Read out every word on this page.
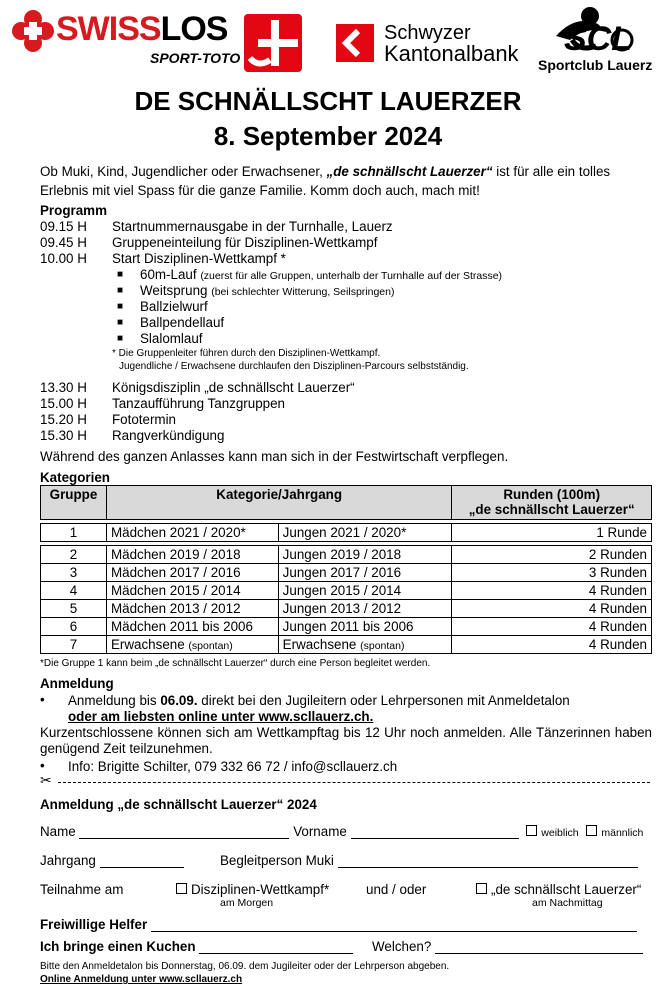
SWISSLOS
SPORT-TOTO
Schwyzer
Kantonalbank SCL
Sportclub Lauerz
DE SCHNÄLLSCHT LAUERZER
8. September 2024
Ob Muki, Kind, Jugendlicher oder Erwachsener, „de schnällscht Lauerzer“ ist für alle ein tolles Erlebnis mit viel Spass für die ganze Familie. Komm doch auch, mach mit!
Programm
09.15 H Startnummernausgabe in der Turnhalle, Lauerz
09.45 H Gruppeneinteilung für Disziplinen-Wettkampf
10.00 H Start Disziplinen-Wettkampf *
■ 60m-Lauf (zuerst für alle Gruppen, unterhalb der Turnhalle auf der Strasse)
■ Weitsprung (bei schlechter Witterung, Seilspringen)
■ Ballzielwurf
■ Ballpendellauf
■ Slalomlauf
* Die Gruppenleiter führen durch den Disziplinen-Wettkampf.
Jugendliche / Erwachsene durchlaufen den Disziplinen-Parcours selbstständig.
13.30 H Königsdisziplin „de schnällscht Lauerzer“
15.00 H Tanzaufführung Tanzgruppen
15.20 H Fototermin
15.30 H Rangverkündigung
Während des ganzen Anlasses kann man sich in der Festwirtschaft verpflegen.
Kategorien
Gruppe	Kategorie/Jahrgang		Runden (100m)
„de schnällscht Lauerzer“

1	Mädchen 2021 / 2020*	Jungen 2021 / 2020*	1 Runde

2	Mädchen 2019 / 2018	Jungen 2019 / 2018	2 Runden
3	Mädchen 2017 / 2016	Jungen 2017 / 2016	3 Runden
4	Mädchen 2015 / 2014	Jungen 2015 / 2014	4 Runden
5	Mädchen 2013 / 2012	Jungen 2013 / 2012	4 Runden
6	Mädchen 2011 bis 2006	Jungen 2011 bis 2006	4 Runden
7	Erwachsene (spontan)	Erwachsene (spontan)	4 Runden
*Die Gruppe 1 kann beim „de schnällscht Lauerzer“ durch eine Person begleitet werden.
Anmeldung
• Anmeldung bis 06.09. direkt bei den Jugileitern oder Lehrpersonen mit Anmeldetalon
oder am liebsten online unter www.scllauerz.ch.
Kurzentschlossene können sich am Wettkampftag bis 12 Uhr noch anmelden. Alle Tänzerinnen haben genügend Zeit teilzunehmen.
• Info: Brigitte Schilter, 079 332 66 72 / info@scllauerz.ch
✂
Anmeldung „de schnällscht Lauerzer“ 2024
Name	Vorname	weiblich männlich
Jahrgang	Begleitperson Muki
Teilnahme am	Disziplinen-Wettkampf*
am Morgen
und / oder	„de schnällscht Lauerzer“
am Nachmittag
Freiwillige Helfer
Ich bringe einen Kuchen	Welchen?
Bitte den Anmeldetalon bis Donnerstag, 06.09. dem Jugileiter oder der Lehrperson abgeben.
Online Anmeldung unter www.scllauerz.ch
